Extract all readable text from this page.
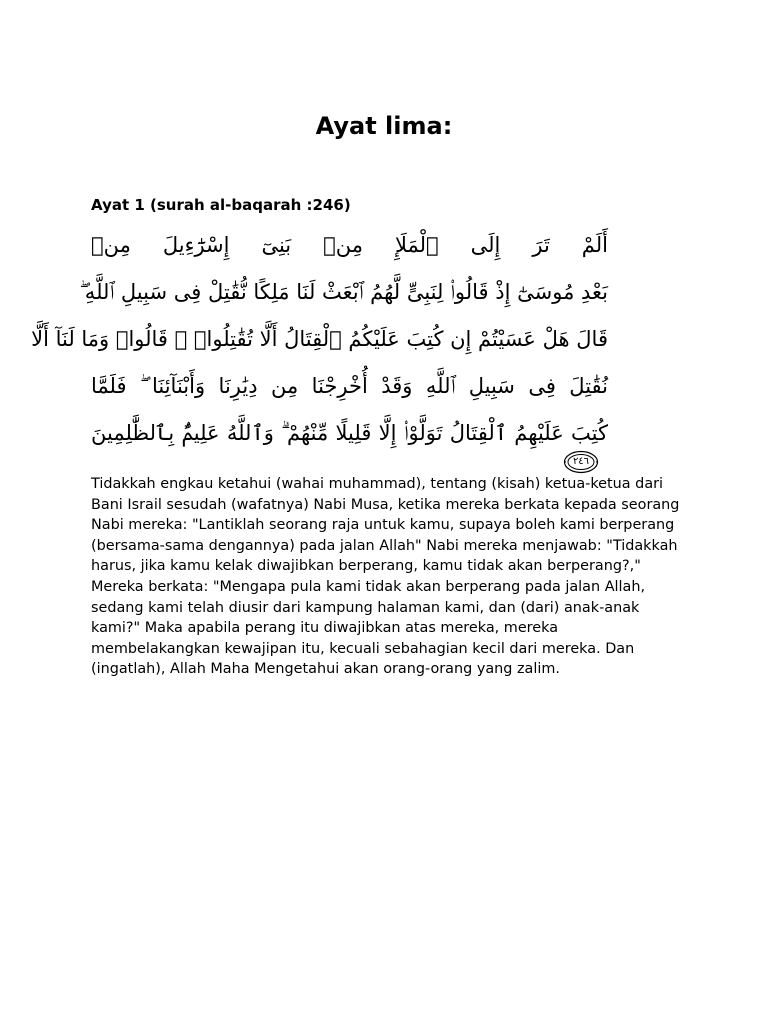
Ayat lima:
Ayat 1 (surah al-baqarah :246)
أَلَمْ تَرَ إِلَى ٱلْمَلَإِ مِنۢ بَنِىٓ إِسْرَٰٓءِيلَ مِنۢ
بَعْدِ مُوسَىٰٓ إِذْ قَالُوا۟ لِنَبِىٍّ لَّهُمُ ٱبْعَثْ لَنَا مَلِكًا نُّقَٰتِلْ فِى سَبِيلِ ٱللَّهِ ۖ
قَالَ هَلْ عَسَيْتُمْ إِن كُتِبَ عَلَيْكُمُ ٱلْقِتَالُ أَلَّا تُقَٰتِلُوا۟ ۖ قَالُوا۟ وَمَا لَنَآ أَلَّا
نُقَٰتِلَ فِى سَبِيلِ ٱللَّهِ وَقَدْ أُخْرِجْنَا مِن دِيَٰرِنَا وَأَبْنَآئِنَا ۖ فَلَمَّا
كُتِبَ عَلَيْهِمُ ٱلْقِتَالُ تَوَلَّوْا۟ إِلَّا قَلِيلًا مِّنْهُمْ ۗ وَٱللَّهُ عَلِيمٌۢ بِٱلظَّٰلِمِينَ
٢٤٦

Tidakkah engkau ketahui (wahai muhammad), tentang (kisah) ketua-ketua dari Bani Israil sesudah (wafatnya) Nabi Musa, ketika mereka berkata kepada seorang Nabi mereka: "Lantiklah seorang raja untuk kamu, supaya boleh kami berperang (bersama-sama dengannya) pada jalan Allah" Nabi mereka menjawab: "Tidakkah harus, jika kamu kelak diwajibkan berperang, kamu tidak akan berperang?," Mereka berkata: "Mengapa pula kami tidak akan berperang pada jalan Allah, sedang kami telah diusir dari kampung halaman kami, dan (dari) anak-anak kami?" Maka apabila perang itu diwajibkan atas mereka, mereka membelakangkan kewajipan itu, kecuali sebahagian kecil dari mereka. Dan (ingatlah), Allah Maha Mengetahui akan orang-orang yang zalim.
